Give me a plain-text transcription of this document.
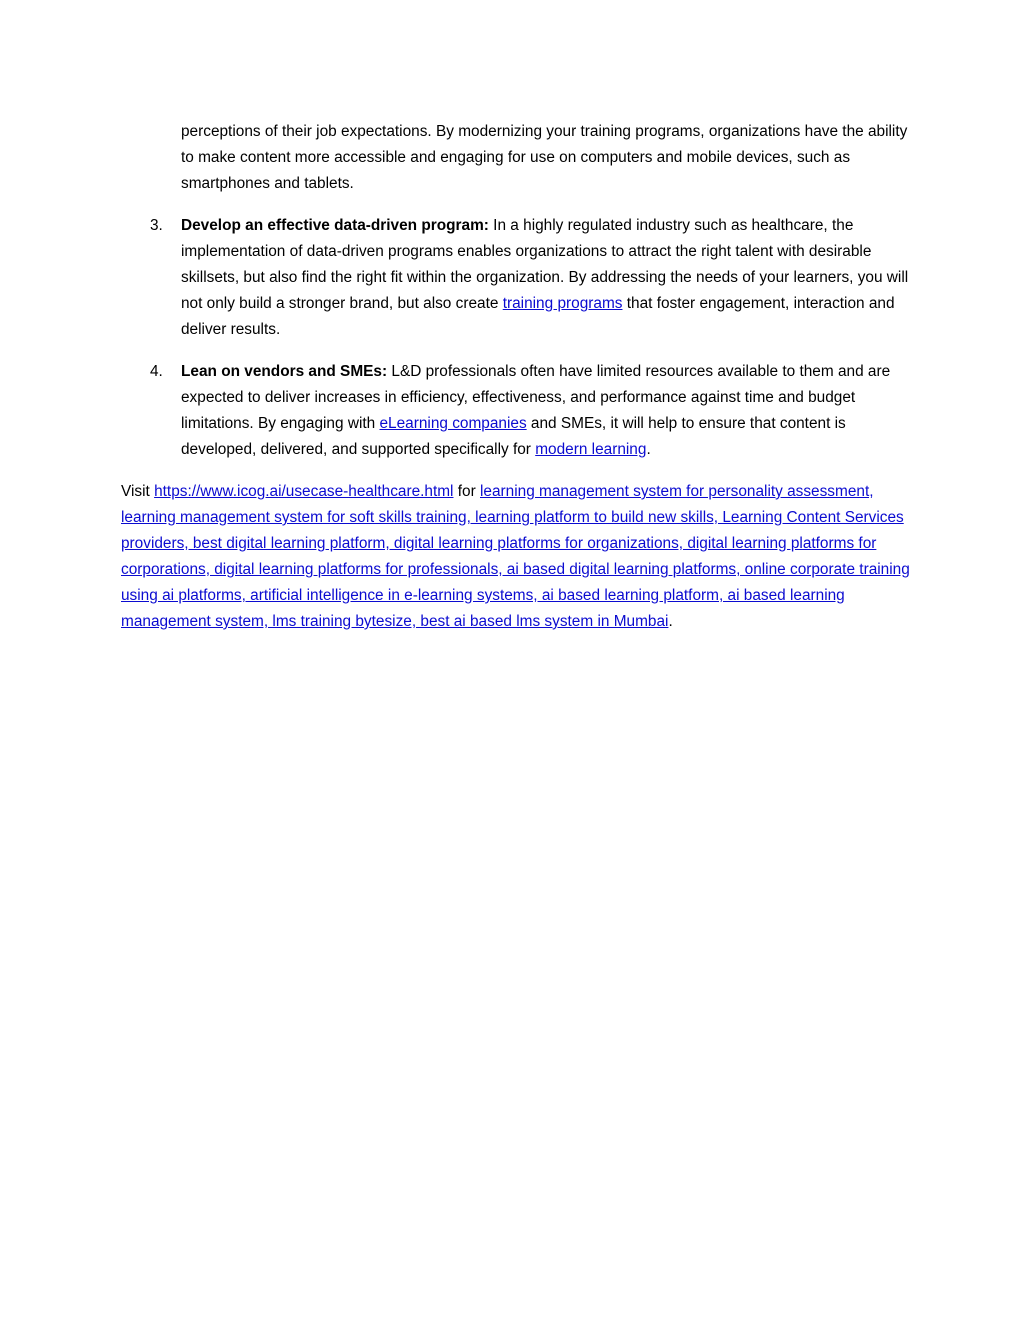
perceptions of their job expectations. By modernizing your training programs, organizations have the ability to make content more accessible and engaging for use on computers and mobile devices, such as smartphones and tablets.

3.	Develop an effective data-driven program: In a highly regulated industry such as healthcare, the implementation of data-driven programs enables organizations to attract the right talent with desirable skillsets, but also find the right fit within the organization. By addressing the needs of your learners, you will not only build a stronger brand, but also create training programs that foster engagement, interaction and deliver results.
4.	Lean on vendors and SMEs: L&D professionals often have limited resources available to them and are expected to deliver increases in efficiency, effectiveness, and performance against time and budget limitations. By engaging with eLearning companies and SMEs, it will help to ensure that content is developed, delivered, and supported specifically for modern learning.

Visit https://www.icog.ai/usecase-healthcare.html for learning management system for personality assessment, learning management system for soft skills training, learning platform to build new skills, Learning Content Services providers, best digital learning platform, digital learning platforms for organizations, digital learning platforms for corporations, digital learning platforms for professionals, ai based digital learning platforms, online corporate training using ai platforms, artificial intelligence in e-learning systems, ai based learning platform, ai based learning management system, lms training bytesize, best ai based lms system in Mumbai.
